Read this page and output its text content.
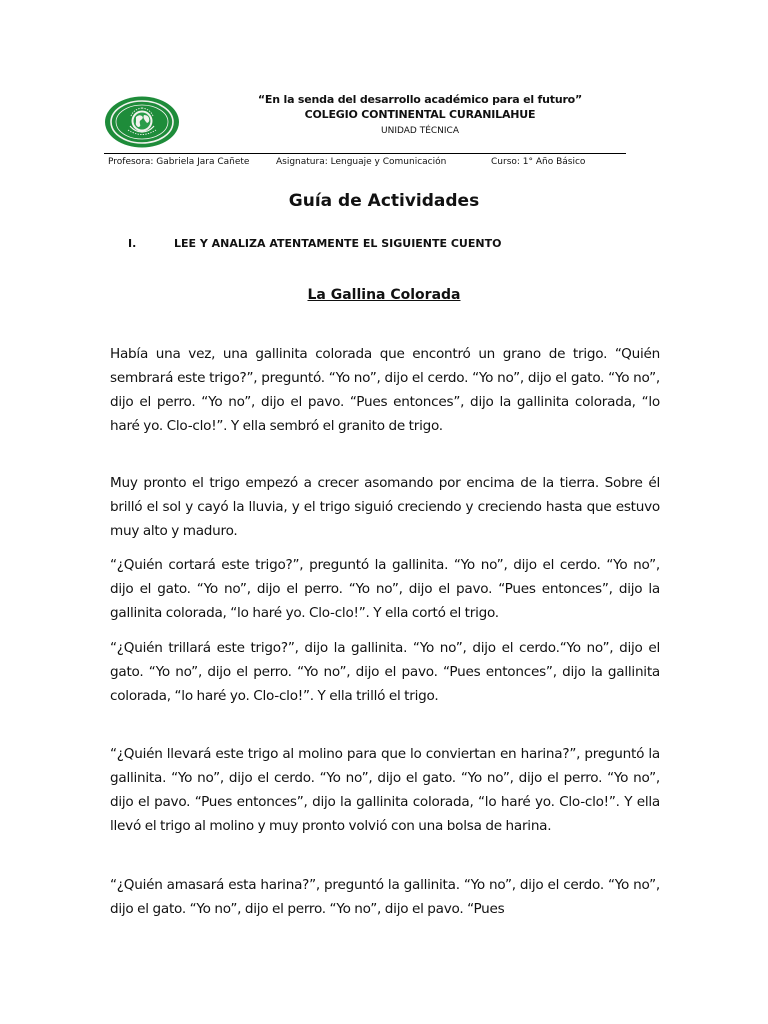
“En la senda del desarrollo académico para el futuro”
COLEGIO CONTINENTAL CURANILAHUE
UNIDAD TÉCNICA
Profesora: Gabriela Jara Cañete	Asignatura: Lenguaje y Comunicación	Curso: 1° Año Básico
Guía de Actividades
I.	LEE Y ANALIZA ATENTAMENTE EL SIGUIENTE CUENTO
La Gallina Colorada

Había una vez, una gallinita colorada que encontró un grano de trigo. “Quién sembrará este trigo?”, preguntó. “Yo no”, dijo el cerdo. “Yo no”, dijo el gato. “Yo no”, dijo el perro. “Yo no”, dijo el pavo. “Pues entonces”, dijo la gallinita colorada, “lo haré yo. Clo-clo!”. Y ella sembró el granito de trigo.

Muy pronto el trigo empezó a crecer asomando por encima de la tierra. Sobre él brilló el sol y cayó la lluvia, y el trigo siguió creciendo y creciendo hasta que estuvo muy alto y maduro.

“¿Quién cortará este trigo?”, preguntó la gallinita. “Yo no”, dijo el cerdo. “Yo no”, dijo el gato. “Yo no”, dijo el perro. “Yo no”, dijo el pavo. “Pues entonces”, dijo la gallinita colorada, “lo haré yo. Clo-clo!”. Y ella cortó el trigo.

“¿Quién trillará este trigo?”, dijo la gallinita. “Yo no”, dijo el cerdo.“Yo no”, dijo el gato. “Yo no”, dijo el perro. “Yo no”, dijo el pavo. “Pues entonces”, dijo la gallinita colorada, “lo haré yo. Clo-clo!”. Y ella trilló el trigo.

“¿Quién llevará este trigo al molino para que lo conviertan en harina?”, preguntó la gallinita. “Yo no”, dijo el cerdo. “Yo no”, dijo el gato. “Yo no”, dijo el perro. “Yo no”, dijo el pavo. “Pues entonces”, dijo la gallinita colorada, “lo haré yo. Clo-clo!”. Y ella llevó el trigo al molino y muy pronto volvió con una bolsa de harina.

“¿Quién amasará esta harina?”, preguntó la gallinita. “Yo no”, dijo el cerdo. “Yo no”, dijo el gato. “Yo no”, dijo el perro. “Yo no”, dijo el pavo. “Pues
